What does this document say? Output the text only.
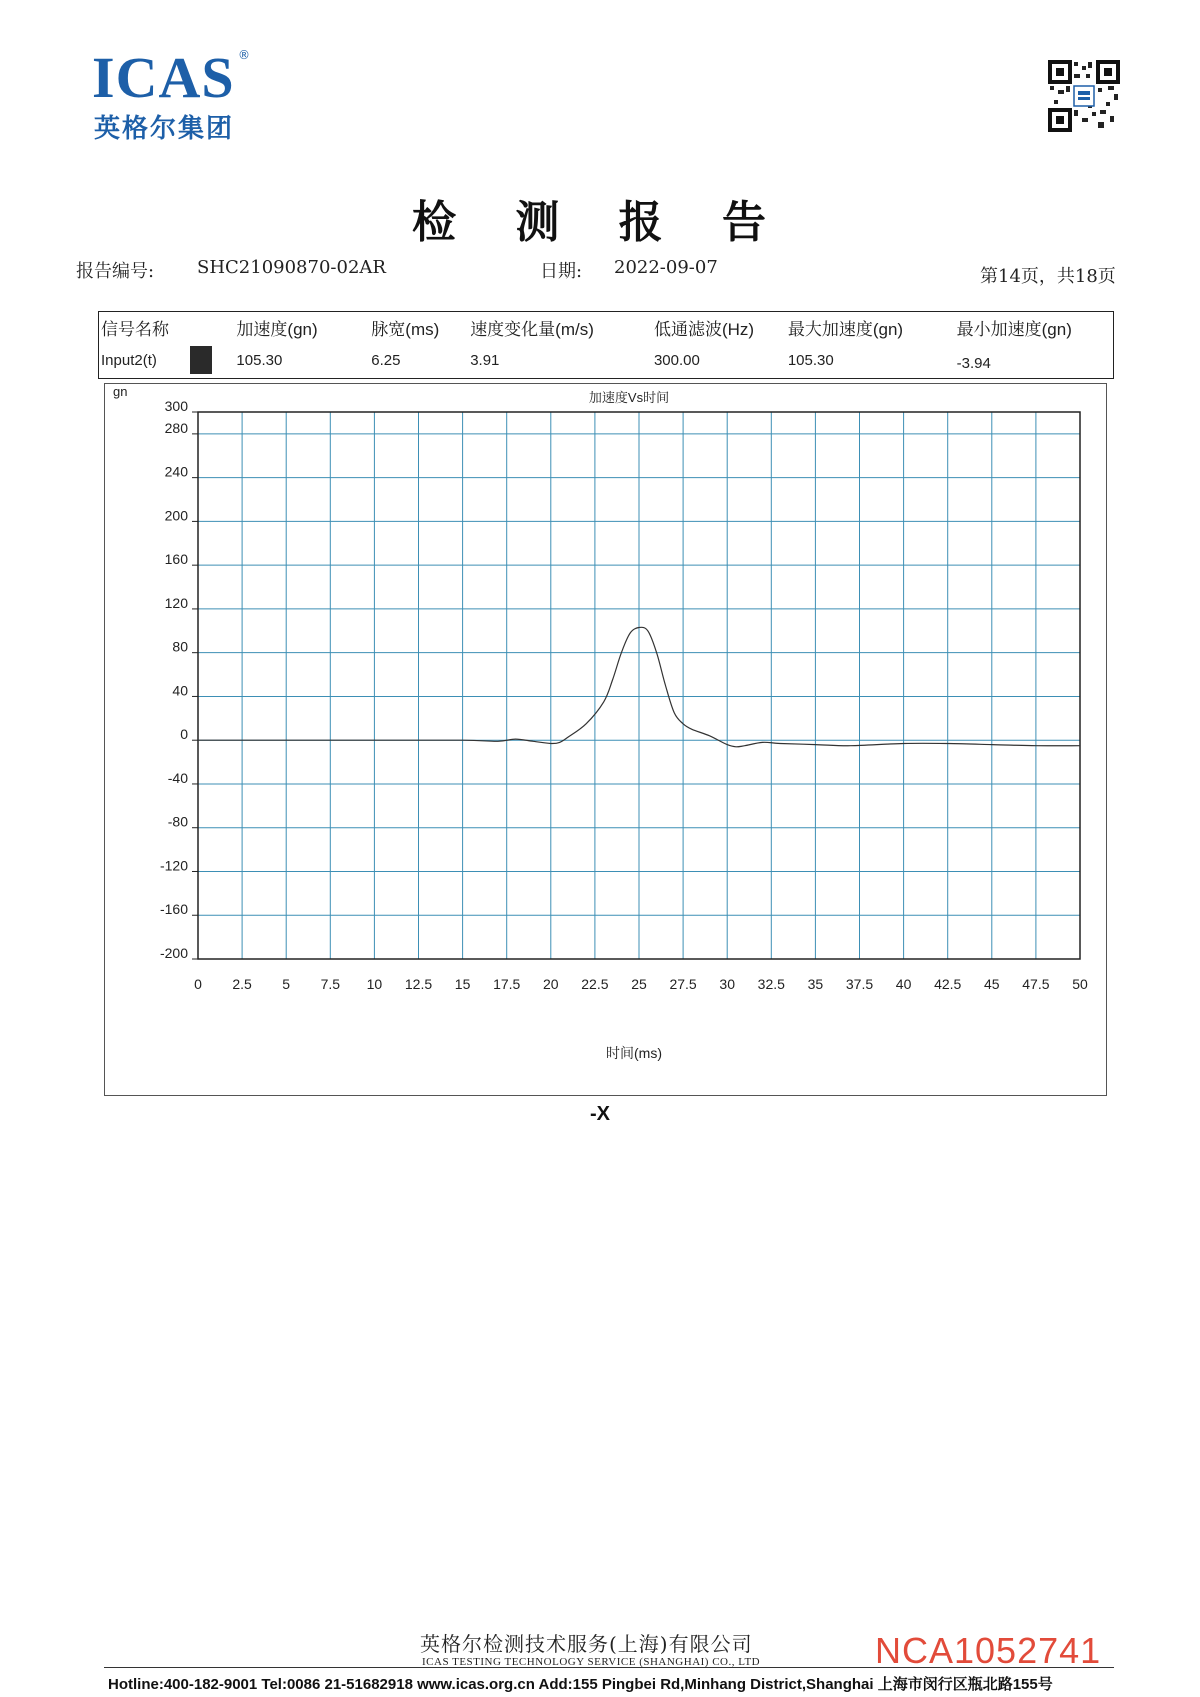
ICAS ®
英格尔集团
检 测 报 告
报告编号: SHC21090870-02AR	日期: 2022-09-07	第14页，共18页
信号名称		加速度(gn)	脉宽(ms)	速度变化量(m/s)	低通滤波(Hz)	最大加速度(gn)	最小加速度(gn)
Input2(t)		105.30	6.25	3.91	300.00	105.30	-3.94
gn	加速度Vs时间
时间(ms)
0 2.5 5 7.5 10 12.5 15 17.5 20 22.5 25 27.5 30 32.5 35 37.5 40 42.5 45 47.5 50
300
280
240
200
160
120
80
40
0
-40
-80
-120
-160
-200
-X
英格尔检测技术服务(上海)有限公司
ICAS TESTING TECHNOLOGY SERVICE (SHANGHAI) CO., LTD	NCA1052741
Hotline:400-182-9001 Tel:0086 21-51682918 www.icas.org.cn Add:155 Pingbei Rd,Minhang District,Shanghai 上海市闵行区瓶北路155号
